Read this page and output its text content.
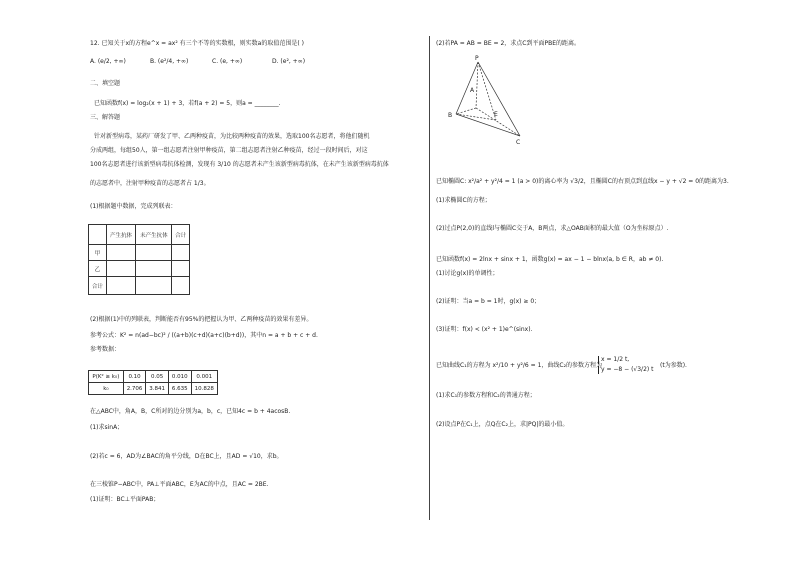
12. 已知关于x的方程e^x = ax² 有三个不等的实数根，则实数a的取值范围是( )
A. (e/2, +∞)	B. (e²/4, +∞)	C. (e, +∞)	D. (e², +∞)
二、填空题
已知函数f(x) = log₂(x + 1) + 3，若f(a + 2) = 5，则a = ________.
三、解答题
针对新型病毒，某药厂研发了甲、乙两种疫苗，为比较两种疫苗的效果，选取100名志愿者，将他们随机
分成两组，每组50人，第一组志愿者注射甲种疫苗，第二组志愿者注射乙种疫苗，经过一段时间后，对这
100名志愿者进行该新型病毒抗体检测，发现有 3/10 的志愿者未产生该新型病毒抗体，在未产生该新型病毒抗体
的志愿者中，注射甲种疫苗的志愿者占 1/3。
(1)根据题中数据，完成列联表：
	产生抗体	未产生抗体	合计
甲			
乙			
合计			
(2)根据(1)中的列联表，判断能否有95%的把握认为甲、乙两种疫苗的效果有差异。
参考公式：K² = n(ad−bc)² / ((a+b)(c+d)(a+c)(b+d))，其中n = a + b + c + d.
参考数据：
P(K² ≥ k₀)	0.10	0.05	0.010	0.001
k₀	2.706	3.841	6.635	10.828
在△ABC中，角A，B，C所对的边分别为a，b，c，已知4c = b + 4acosB.
(1)求sinA；
(2)若c = 6，AD为∠BAC的角平分线，D在BC上，且AD = √10，求b。
在三棱锥P−ABC中，PA⊥平面ABC，E为AC的中点，且AC = 2BE.
(1)证明：BC⊥平面PAB；
(2)若PA = AB = BE = 2，求点C到平面PBE的距离。
P
A
B	E
C
已知椭圆C: x²/a² + y²/4 = 1 (a > 0)的离心率为 √3/2，且椭圆C的右顶点到直线x − y + √2 = 0的距离为3.
(1)求椭圆C的方程；
(2)过点P(2,0)的直线l与椭圆C交于A，B两点，求△OAB面积的最大值（O为坐标原点）.
已知函数f(x) = 2lnx + sinx + 1，函数g(x) = ax − 1 − blnx(a, b ∈ R，ab ≠ 0).
(1)讨论g(x)的单调性；
(2)证明：当a = b = 1时，g(x) ≥ 0；
(3)证明：f(x) < (x² + 1)e^(sinx).
已知曲线C₁的方程为 x²/10 + y²/6 = 1，曲线C₂的参数方程为
x = 1/2 t,
y = −8 − (√3/2) t
(t为参数).
(1)求C₁的参数方程和C₂的普通方程；
(2)设点P在C₁上，点Q在C₂上，求|PQ|的最小值。
